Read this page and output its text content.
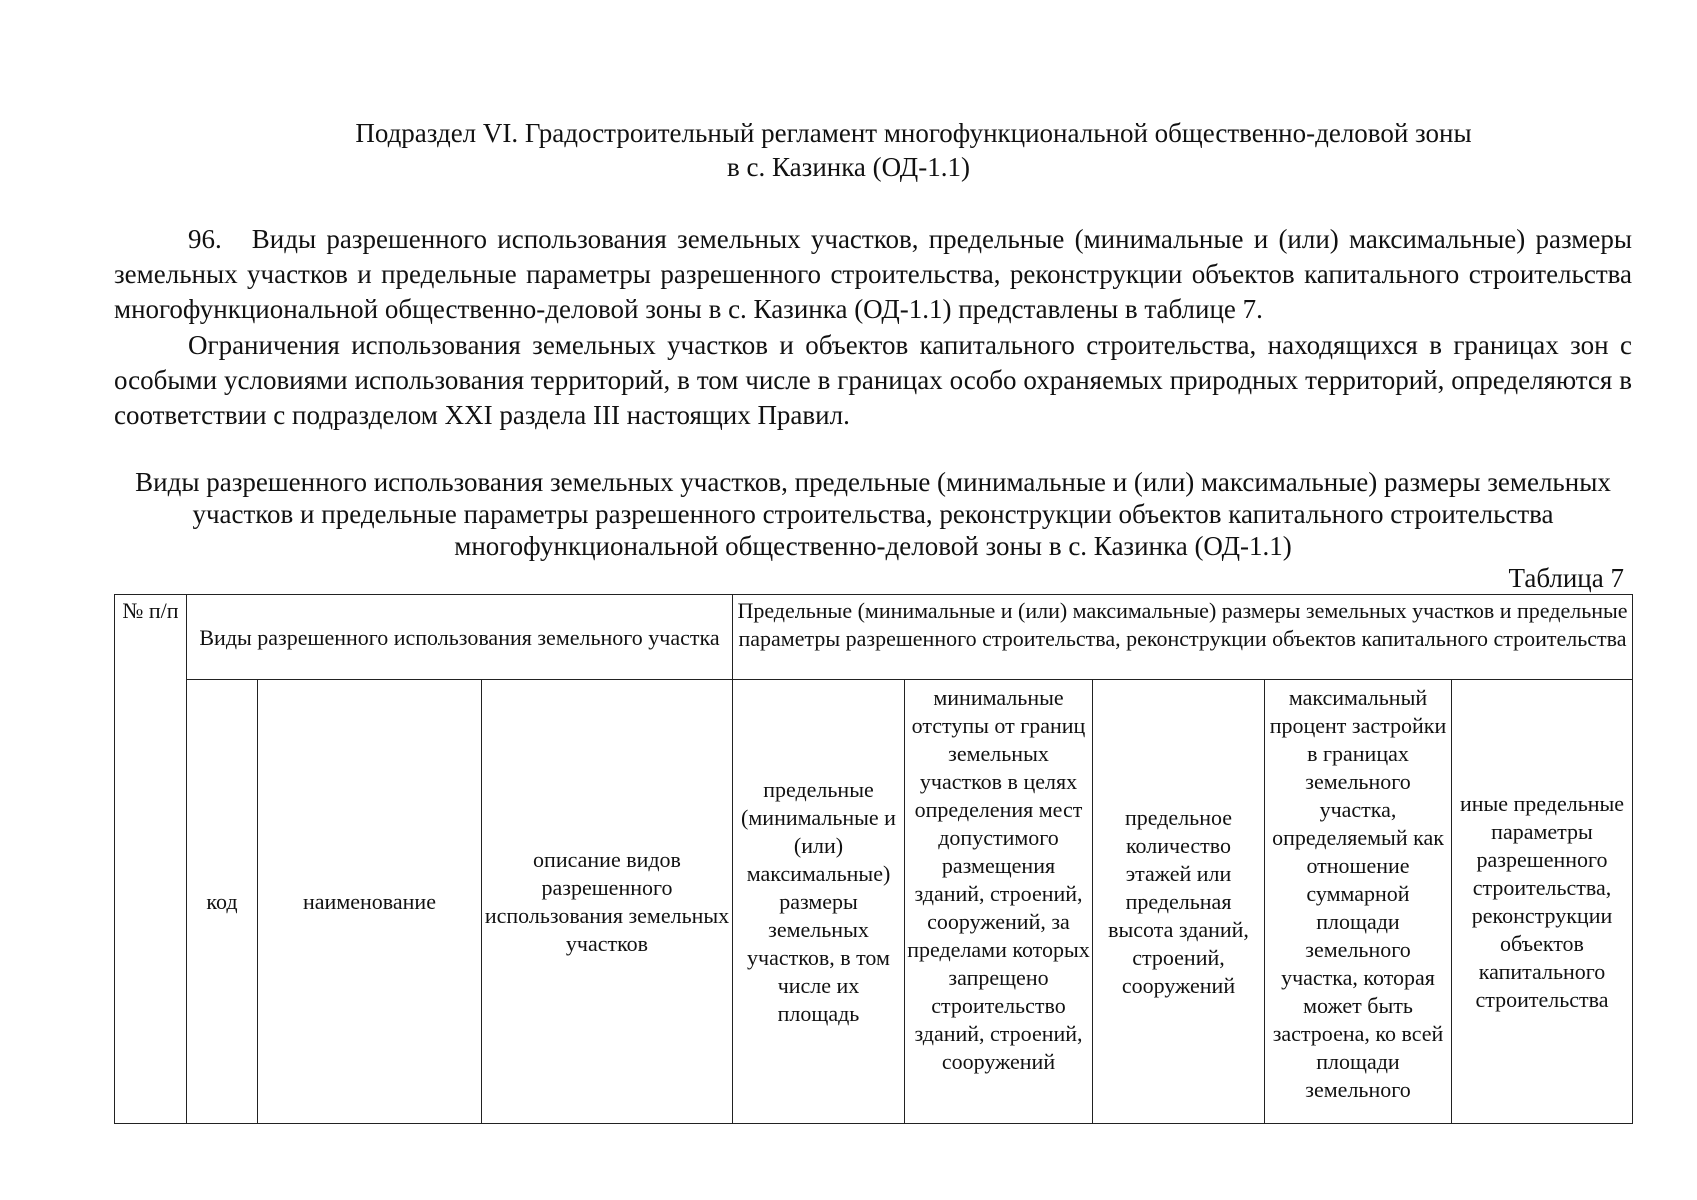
Подраздел VI. Градостроительный регламент многофункциональной общественно-деловой зоны
в с. Казинка (ОД-1.1)
96. Виды разрешенного использования земельных участков, предельные (минимальные и (или) максимальные) размеры земельных участков и предельные параметры разрешенного строительства, реконструкции объектов капитального строительства многофункциональной общественно-деловой зоны в с. Казинка (ОД-1.1) представлены в таблице 7.
Ограничения использования земельных участков и объектов капитального строительства, находящихся в границах зон с особыми условиями использования территорий, в том числе в границах особо охраняемых природных территорий, определяются в соответствии с подразделом XXI раздела III настоящих Правил.
Виды разрешенного использования земельных участков, предельные (минимальные и (или) максимальные) размеры земельных участков и предельные параметры разрешенного строительства, реконструкции объектов капитального строительства многофункциональной общественно-деловой зоны в с. Казинка (ОД-1.1)
Таблица 7
№ п/п	Виды разрешенного использования земельного участка			Предельные (минимальные и (или) максимальные) размеры земельных участков и предельные параметры разрешенного строительства, реконструкции объектов капитального строительства				
	код	наименование	описание видов разрешенного использования земельных участков	предельные (минимальные и (или) максимальные) размеры земельных участков, в том числе их площадь	минимальные отступы от границ земельных участков в целях определения мест допустимого размещения зданий, строений, сооружений, за пределами которых запрещено строительство зданий, строений, сооружений	предельное количество этажей или предельная высота зданий, строений, сооружений	максимальный процент застройки в границах земельного участка, определяемый как отношение суммарной площади земельного участка, которая может быть застроена, ко всей площади земельного	иные предельные параметры разрешенного строительства, реконструкции объектов капитального строительства
